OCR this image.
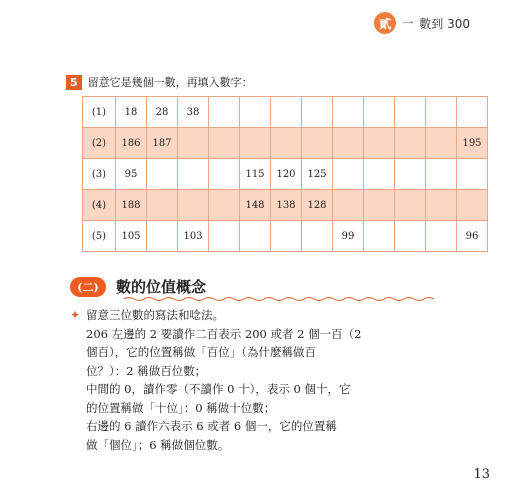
貳	一 數到 300
5 留意它是幾個一數，再填入數字：
(1)	18	28	38									
(2)	186	187										195
(3)	95				115	120	125					
(4)	188				148	138	128					
(5)	105		103					99				96
(二)	數的位值概念
✦ 留意三位數的寫法和唸法。
206 左邊的 2 要讀作二百表示 200 或者 2 個一百（2
個百），它的位置稱做「百位」（為什麼稱做百
位？）：2 稱做百位數；
中間的 0，讀作零（不讀作 0 十），表示 0 個十，它
的位置稱做「十位」：0 稱做十位數；
右邊的 6 讀作六表示 6 或者 6 個一，它的位置稱
做「個位」；6 稱做個位數。
13
